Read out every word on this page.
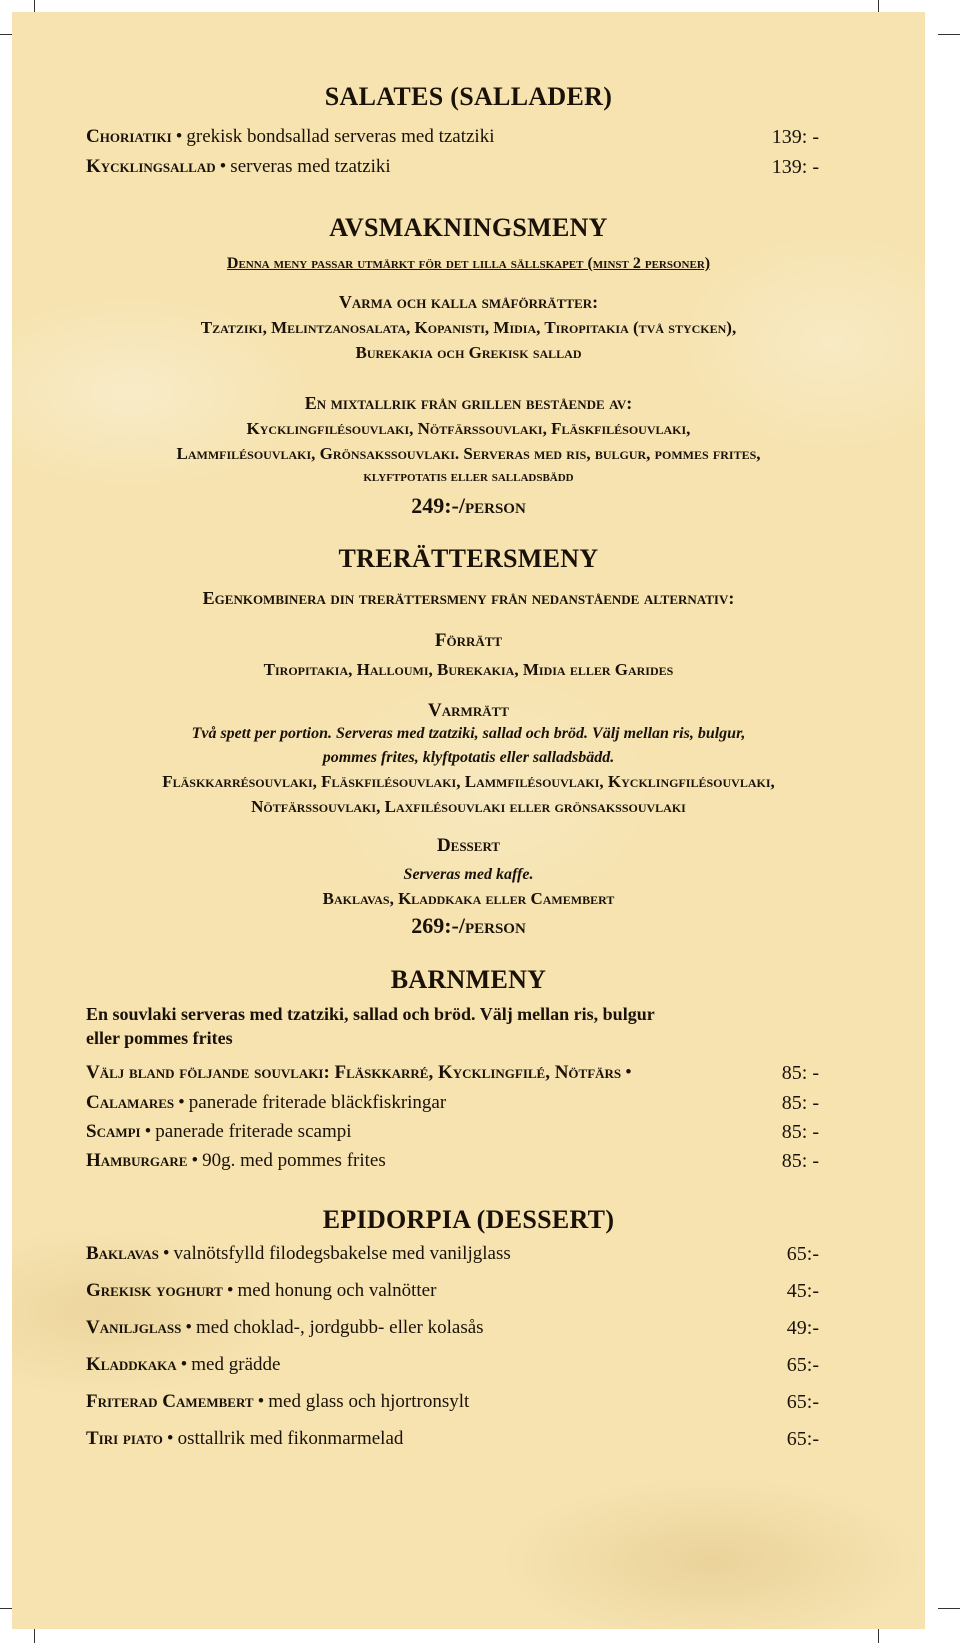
SALATES (SALLADER)
Choriatiki • grekisk bondsallad serveras med tzatziki	139: -
Kycklingsallad • serveras med tzatziki	139: -
AVSMAKNINGSMENY
Denna meny passar utmärkt för det lilla sällskapet (minst 2 personer)
Varma och kalla småförrätter:
Tzatziki, Melintzanosalata, Kopanisti, Midia, Tiropitakia (två stycken),
Burekakia och Grekisk sallad
En mixtallrik från grillen bestående av:
Kycklingfilésouvlaki, Nötfärssouvlaki, Fläskfilésouvlaki,
Lammfilésouvlaki, Grönsakssouvlaki. Serveras med ris, bulgur, pommes frites,
klyftpotatis eller salladsbädd
249:-/person
TRERÄTTERSMENY
Egenkombinera din trerättersmeny från nedanstående alternativ:
Förrätt
Tiropitakia, Halloumi, Burekakia, Midia eller Garides
Varmrätt
Två spett per portion. Serveras med tzatziki, sallad och bröd. Välj mellan ris, bulgur,
pommes frites, klyftpotatis eller salladsbädd.
Fläskkarrésouvlaki, Fläskfilésouvlaki, Lammfilésouvlaki, Kycklingfilésouvlaki,
Nötfärssouvlaki, Laxfilésouvlaki eller grönsakssouvlaki
Dessert
Serveras med kaffe.
Baklavas, Kladdkaka eller Camembert
269:-/person
BARNMENY
En souvlaki serveras med tzatziki, sallad och bröd. Välj mellan ris, bulgur
eller pommes frites
Välj bland följande souvlaki: Fläskkarré, Kycklingfilé, Nötfärs •	85: -
Calamares • panerade friterade bläckfiskringar	85: -
Scampi • panerade friterade scampi	85: -
Hamburgare • 90g. med pommes frites	85: -
EPIDORPIA (DESSERT)
Baklavas • valnötsfylld filodegsbakelse med vaniljglass	65:-
Grekisk yoghurt • med honung och valnötter	45:-
Vaniljglass • med choklad-, jordgubb- eller kolasås	49:-
Kladdkaka • med grädde	65:-
Friterad Camembert • med glass och hjortronsylt	65:-
Tiri piato • osttallrik med fikonmarmelad	65:-
